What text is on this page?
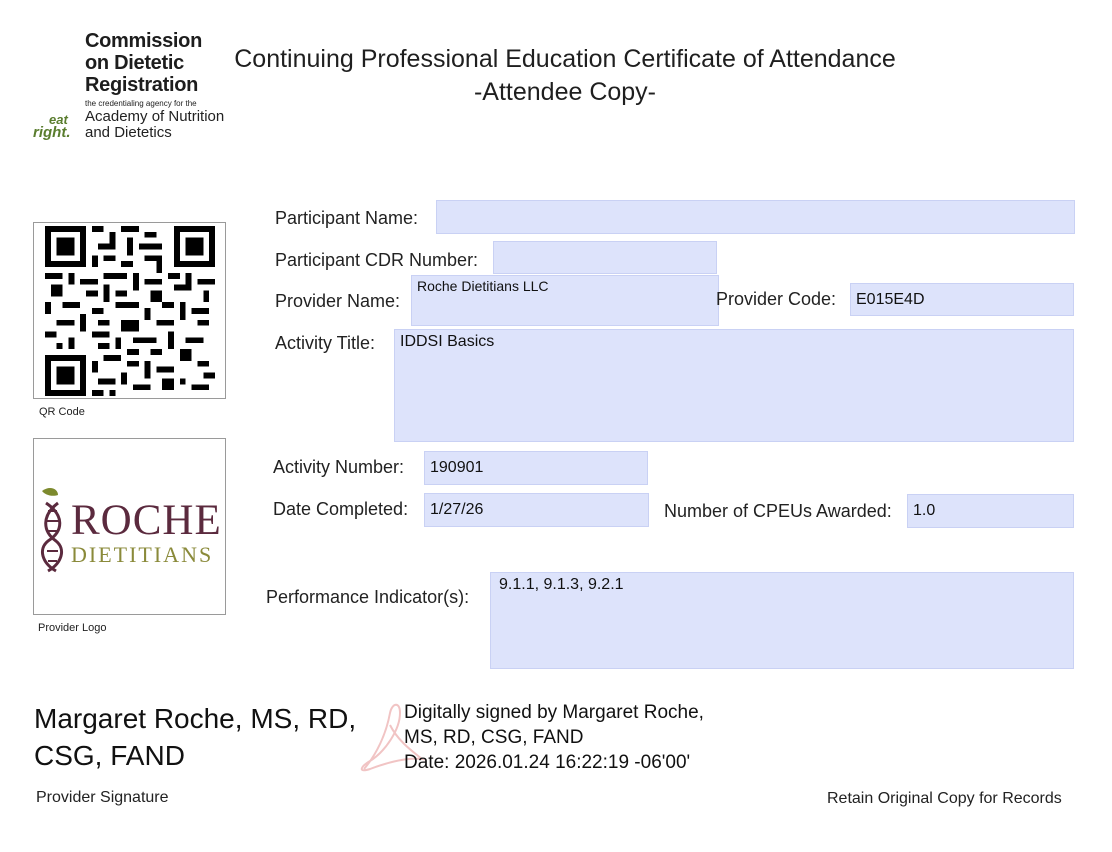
Commission
on Dietetic
Registration
the credentialing agency for the
Academy of Nutrition
and Dietetics
eat
right.
Continuing Professional Education Certificate of Attendance
-Attendee Copy-
QR Code
ROCHE
DIETITIANS
Provider Logo
Participant Name:
Participant CDR Number:
Provider Name:
Roche Dietitians LLC
Provider Code:	E015E4D
Activity Title:	IDDSI Basics
Activity Number:	190901
Date Completed:	1/27/26	Number of CPEUs Awarded:	1.0
Performance Indicator(s):
9.1.1, 9.1.3, 9.2.1
Margaret Roche, MS, RD,
CSG, FAND
Digitally signed by Margaret Roche,
MS, RD, CSG, FAND
Date: 2026.01.24 16:22:19 -06'00'
Provider Signature	Retain Original Copy for Records
